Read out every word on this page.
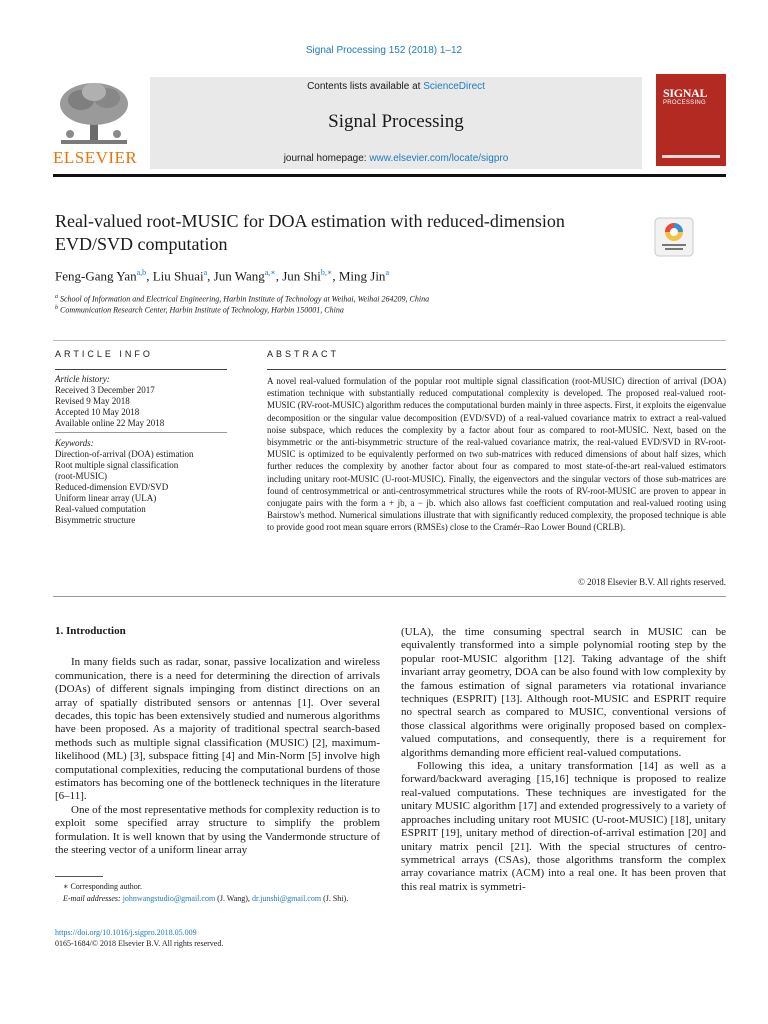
Signal Processing 152 (2018) 1–12
ELSEVIER
Contents lists available at ScienceDirect
Signal Processing
journal homepage: www.elsevier.com/locate/sigpro
SIGNAL
PROCESSING
Real-valued root-MUSIC for DOA estimation with reduced-dimension EVD/SVD computation
Feng-Gang Yan$^{a,b}$, Liu Shuai$^a$, Jun Wang$^{a,∗}$, Jun Shi$^{b,∗}$, Ming Jin$^a$
$^a$ School of Information and Electrical Engineering, Harbin Institute of Technology at Weihai, Weihai 264209, China
$^b$ Communication Research Center, Harbin Institute of Technology, Harbin 150001, China
ARTICLE INFO	ABSTRACT
Article history:
Received 3 December 2017
Revised 9 May 2018
Accepted 10 May 2018
Available online 22 May 2018
Keywords:
Direction-of-arrival (DOA) estimation
Root multiple signal classification
(root-MUSIC)
Reduced-dimension EVD/SVD
Uniform linear array (ULA)
Real-valued computation
Bisymmetric structure
A novel real-valued formulation of the popular root multiple signal classification (root-MUSIC) direction of arrival (DOA) estimation technique with substantially reduced computational complexity is developed. The proposed real-valued root-MUSIC (RV-root-MUSIC) algorithm reduces the computational burden mainly in three aspects. First, it exploits the eigenvalue decomposition or the singular value decomposition (EVD/SVD) of a real-valued covariance matrix to extract a real-valued noise subspace, which reduces the complexity by a factor about four as compared to root-MUSIC. Next, based on the bisymmetric or the anti-bisymmetric structure of the real-valued covariance matrix, the real-valued EVD/SVD in RV-root-MUSIC is optimized to be equivalently performed on two sub-matrices with reduced dimensions of about half sizes, which further reduces the complexity by another factor about four as compared to most state-of-the-art real-valued estimators including unitary root-MUSIC (U-root-MUSIC). Finally, the eigenvectors and the singular vectors of those sub-matrices are found of centrosymmetrical or anti-centrosymmetrical structures while the roots of RV-root-MUSIC are proven to appear in conjugate pairs with the form a + jb, a − jb. which also allows fast coefficient computation and real-valued rooting using Bairstow's method. Numerical simulations illustrate that with significantly reduced complexity, the proposed technique is able to provide good root mean square errors (RMSEs) close to the Cramér–Rao Lower Bound (CRLB).
© 2018 Elsevier B.V. All rights reserved.

1. Introduction

In many fields such as radar, sonar, passive localization and wireless communication, there is a need for determining the direction of arrivals (DOAs) of different signals impinging from distinct directions on an array of spatially distributed sensors or antennas [1]. Over several decades, this topic has been extensively studied and numerous algorithms have been proposed. As a majority of traditional spectral search-based methods such as multiple signal classification (MUSIC) [2], maximum-likelihood (ML) [3], subspace fitting [4] and Min-Norm [5] involve high computational complexities, reducing the computational burdens of those estimators has becoming one of the bottleneck techniques in the literature [6–11].

One of the most representative methods for complexity reduction is to exploit some specified array structure to simplify the problem formulation. It is well known that by using the Vandermonde structure of the steering vector of a uniform linear array

(ULA), the time consuming spectral search in MUSIC can be equivalently transformed into a simple polynomial rooting step by the popular root-MUSIC algorithm [12]. Taking advantage of the shift invariant array geometry, DOA can be also found with low complexity by the famous estimation of signal parameters via rotational invariance techniques (ESPRIT) [13]. Although root-MUSIC and ESPRIT require no spectral search as compared to MUSIC, conventional versions of those classical algorithms were originally proposed based on complex-valued computations, and consequently, there is a requirement for algorithms demanding more efficient real-valued computations.

Following this idea, a unitary transformation [14] as well as a forward/backward averaging [15,16] technique is proposed to realize real-valued computations. These techniques are investigated for the unitary MUSIC algorithm [17] and extended progressively to a variety of approaches including unitary root MUSIC (U-root-MUSIC) [18], unitary ESPRIT [19], unitary method of direction-of-arrival estimation [20] and unitary matrix pencil [21]. With the special structures of centro-symmetrical arrays (CSAs), those algorithms transform the complex array covariance matrix (ACM) into a real one. It has been proven that this real matrix is symmetri-

∗ Corresponding author.

E-mail addresses: johnwangstudio@gmail.com (J. Wang), dr.junshi@gmail.com (J. Shi).

https://doi.org/10.1016/j.sigpro.2018.05.009
0165-1684/© 2018 Elsevier B.V. All rights reserved.
